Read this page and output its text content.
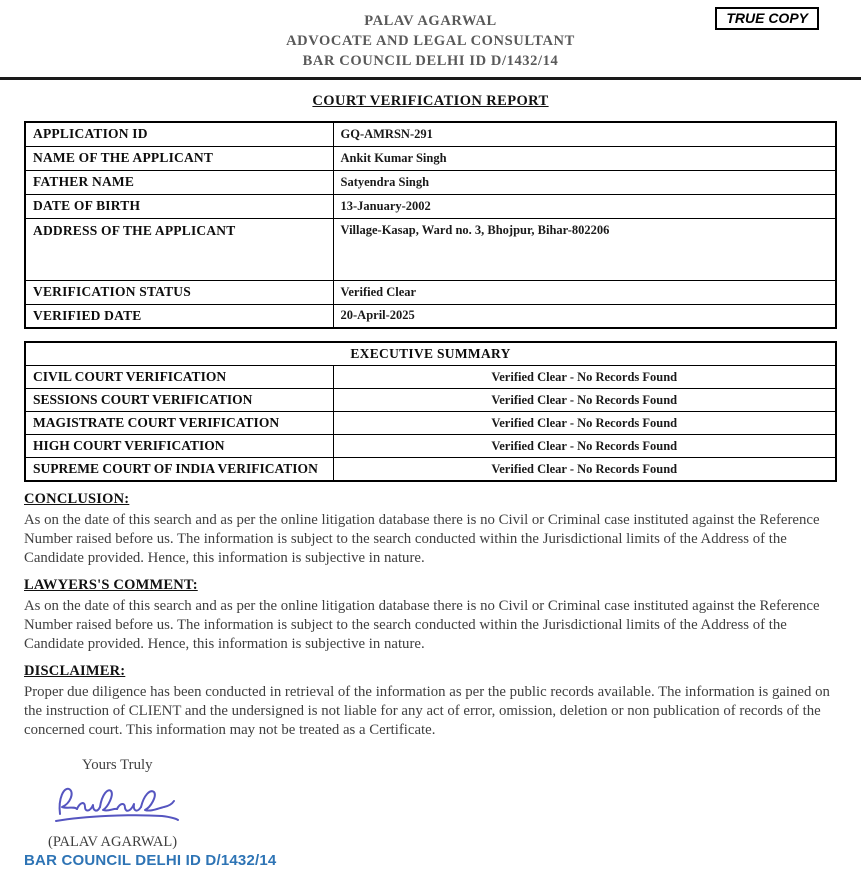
PALAV AGARWAL
ADVOCATE AND LEGAL CONSULTANT
BAR COUNCIL DELHI ID D/1432/14
TRUE COPY
COURT VERIFICATION REPORT
APPLICATION ID	GQ-AMRSN-291
NAME OF THE APPLICANT	Ankit Kumar Singh
FATHER NAME	Satyendra Singh
DATE OF BIRTH	13-January-2002
ADDRESS OF THE APPLICANT	Village-Kasap, Ward no. 3, Bhojpur, Bihar-802206
VERIFICATION STATUS	Verified Clear
VERIFIED DATE	20-April-2025
EXECUTIVE SUMMARY	
CIVIL COURT VERIFICATION	Verified Clear - No Records Found
SESSIONS COURT VERIFICATION	Verified Clear - No Records Found
MAGISTRATE COURT VERIFICATION	Verified Clear - No Records Found
HIGH COURT VERIFICATION	Verified Clear - No Records Found
SUPREME COURT OF INDIA VERIFICATION	Verified Clear - No Records Found
CONCLUSION:
As on the date of this search and as per the online litigation database there is no Civil or Criminal case instituted against the Reference Number raised before us. The information is subject to the search conducted within the Jurisdictional limits of the Address of the Candidate provided. Hence, this information is subjective in nature.
LAWYERS'S COMMENT:
As on the date of this search and as per the online litigation database there is no Civil or Criminal case instituted against the Reference Number raised before us. The information is subject to the search conducted within the Jurisdictional limits of the Address of the Candidate provided. Hence, this information is subjective in nature.
DISCLAIMER:
Proper due diligence has been conducted in retrieval of the information as per the public records available. The information is gained on the instruction of CLIENT and the undersigned is not liable for any act of error, omission, deletion or non publication of records of the concerned court. This information may not be treated as a Certificate.
Yours Truly
(PALAV AGARWAL)
BAR COUNCIL DELHI ID D/1432/14
